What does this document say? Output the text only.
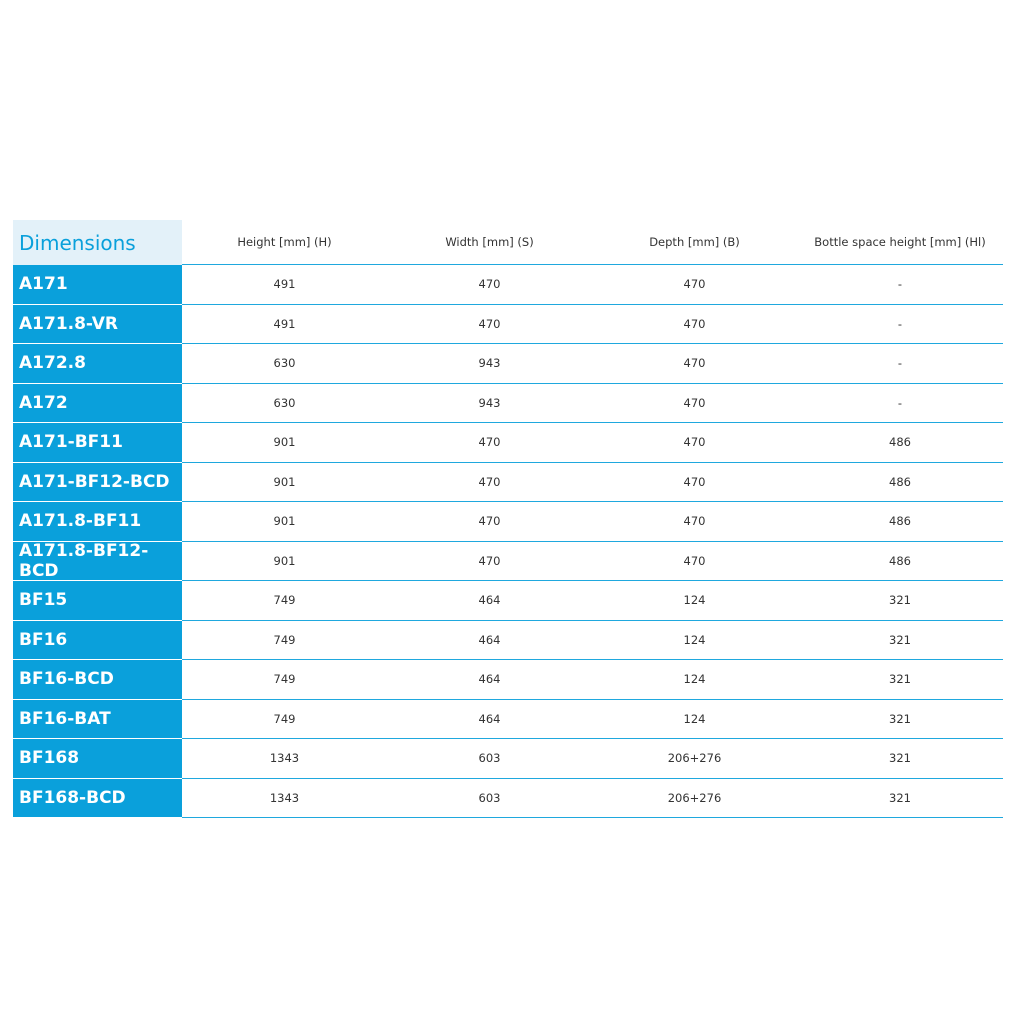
Dimensions	Height [mm] (H)	Width [mm] (S)	Depth [mm] (B)	Bottle space height [mm] (Hl)
A171	491	470	470	-
A171.8-VR	491	470	470	-
A172.8	630	943	470	-
A172	630	943	470	-
A171-BF11	901	470	470	486
A171-BF12-BCD	901	470	470	486
A171.8-BF11	901	470	470	486
A171.8-BF12-BCD	901	470	470	486
BF15	749	464	124	321
BF16	749	464	124	321
BF16-BCD	749	464	124	321
BF16-BAT	749	464	124	321
BF168	1343	603	206+276	321
BF168-BCD	1343	603	206+276	321
